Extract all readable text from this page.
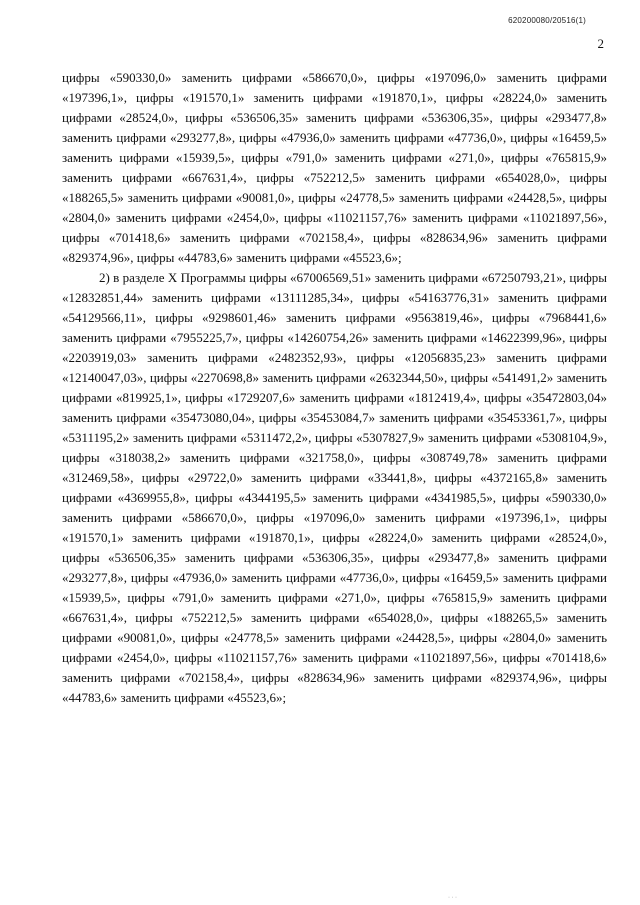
620200080/20516(1)
2

цифры «590330,0» заменить цифрами «586670,0», цифры «197096,0» заменить цифрами «197396,1», цифры «191570,1» заменить цифрами «191870,1», цифры «28224,0» заменить цифрами «28524,0», цифры «536506,35» заменить цифрами «536306,35», цифры «293477,8» заменить цифрами «293277,8», цифры «47936,0» заменить цифрами «47736,0», цифры «16459,5» заменить цифрами «15939,5», цифры «791,0» заменить цифрами «271,0», цифры «765815,9» заменить цифрами «667631,4», цифры «752212,5» заменить цифрами «654028,0», цифры «188265,5» заменить цифрами «90081,0», цифры «24778,5» заменить цифрами «24428,5», цифры «2804,0» заменить цифрами «2454,0», цифры «11021157,76» заменить цифрами «11021897,56», цифры «701418,6» заменить цифрами «702158,4», цифры «828634,96» заменить цифрами «829374,96», цифры «44783,6» заменить цифрами «45523,6»;

2) в разделе X Программы цифры «67006569,51» заменить цифрами «67250793,21», цифры «12832851,44» заменить цифрами «13111285,34», цифры «54163776,31» заменить цифрами «54129566,11», цифры «9298601,46» заменить цифрами «9563819,46», цифры «7968441,6» заменить цифрами «7955225,7», цифры «14260754,26» заменить цифрами «14622399,96», цифры «2203919,03» заменить цифрами «2482352,93», цифры «12056835,23» заменить цифрами «12140047,03», цифры «2270698,8» заменить цифрами «2632344,50», цифры «541491,2» заменить цифрами «819925,1», цифры «1729207,6» заменить цифрами «1812419,4», цифры «35472803,04» заменить цифрами «35473080,04», цифры «35453084,7» заменить цифрами «35453361,7», цифры «5311195,2» заменить цифрами «5311472,2», цифры «5307827,9» заменить цифрами «5308104,9», цифры «318038,2» заменить цифрами «321758,0», цифры «308749,78» заменить цифрами «312469,58», цифры «29722,0» заменить цифрами «33441,8», цифры «4372165,8» заменить цифрами «4369955,8», цифры «4344195,5» заменить цифрами «4341985,5», цифры «590330,0» заменить цифрами «586670,0», цифры «197096,0» заменить цифрами «197396,1», цифры «191570,1» заменить цифрами «191870,1», цифры «28224,0» заменить цифрами «28524,0», цифры «536506,35» заменить цифрами «536306,35», цифры «293477,8» заменить цифрами «293277,8», цифры «47936,0» заменить цифрами «47736,0», цифры «16459,5» заменить цифрами «15939,5», цифры «791,0» заменить цифрами «271,0», цифры «765815,9» заменить цифрами «667631,4», цифры «752212,5» заменить цифрами «654028,0», цифры «188265,5» заменить цифрами «90081,0», цифры «24778,5» заменить цифрами «24428,5», цифры «2804,0» заменить цифрами «2454,0», цифры «11021157,76» заменить цифрами «11021897,56», цифры «701418,6» заменить цифрами «702158,4», цифры «828634,96» заменить цифрами «829374,96», цифры «44783,6» заменить цифрами «45523,6»;

· · ·
